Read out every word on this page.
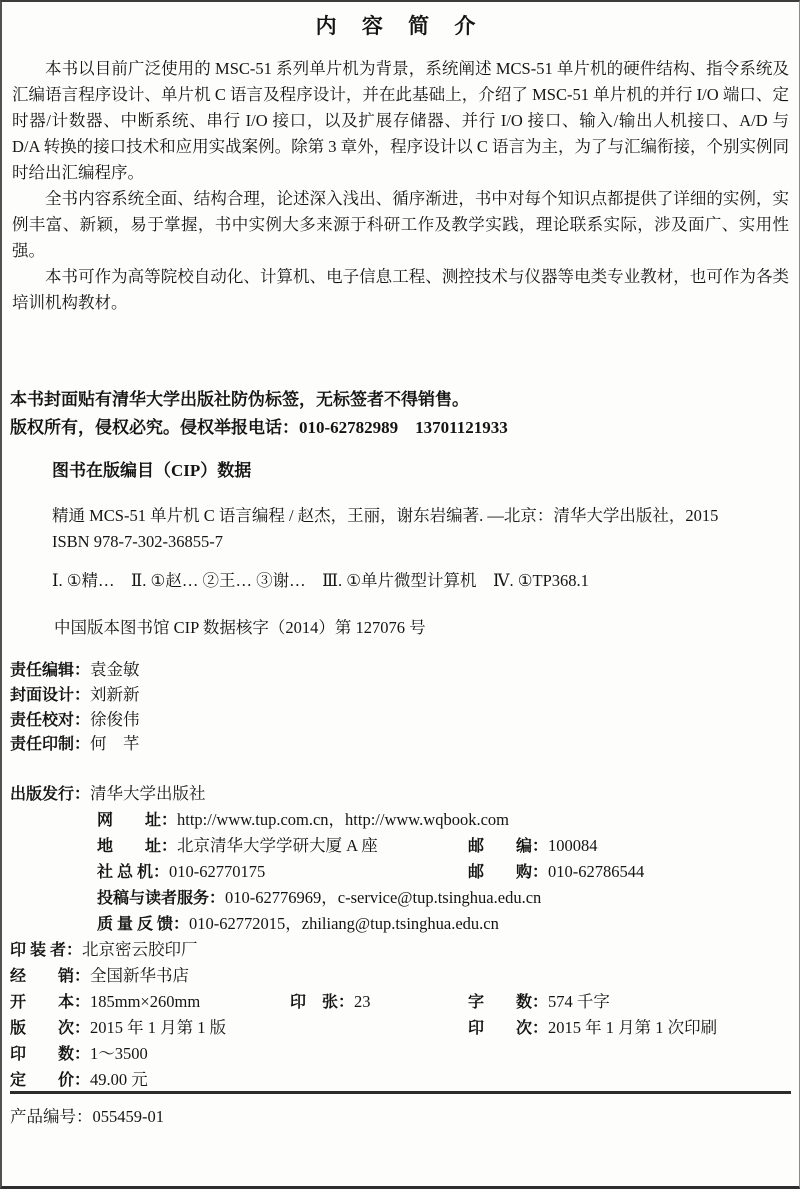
内 容 简 介

本书以目前广泛使用的 MSC-51 系列单片机为背景，系统阐述 MCS-51 单片机的硬件结构、指令系统及汇编语言程序设计、单片机 C 语言及程序设计，并在此基础上，介绍了 MSC-51 单片机的并行 I/O 端口、定时器/计数器、中断系统、串行 I/O 接口，以及扩展存储器、并行 I/O 接口、输入/输出人机接口、A/D 与 D/A 转换的接口技术和应用实战案例。除第 3 章外，程序设计以 C 语言为主，为了与汇编衔接，个别实例同时给出汇编程序。

全书内容系统全面、结构合理，论述深入浅出、循序渐进，书中对每个知识点都提供了详细的实例，实例丰富、新颖，易于掌握，书中实例大多来源于科研工作及教学实践，理论联系实际，涉及面广、实用性强。

本书可作为高等院校自动化、计算机、电子信息工程、测控技术与仪器等电类专业教材，也可作为各类培训机构教材。

本书封面贴有清华大学出版社防伪标签，无标签者不得销售。
版权所有，侵权必究。侵权举报电话：010-62782989　13701121933
图书在版编目（CIP）数据
精通 MCS-51 单片机 C 语言编程 / 赵杰，王丽，谢东岩编著. —北京：清华大学出版社，2015
ISBN 978-7-302-36855-7
Ⅰ. ①精…　Ⅱ. ①赵… ②王… ③谢…　Ⅲ. ①单片微型计算机　Ⅳ. ①TP368.1
中国版本图书馆 CIP 数据核字（2014）第 127076 号
责任编辑：袁金敏
封面设计：刘新新
责任校对：徐俊伟
责任印制：何　芊
出版发行：清华大学出版社
网　　址：http://www.tup.com.cn，http://www.wqbook.com
地　　址：北京清华大学学研大厦 A 座	邮　　编：100084
社 总 机：010-62770175	邮　　购：010-62786544
投稿与读者服务：010-62776969，c-service@tup.tsinghua.edu.cn
质 量 反 馈：010-62772015，zhiliang@tup.tsinghua.edu.cn
印 装 者：北京密云胶印厂
经　　销：全国新华书店
开　　本：185mm×260mm	印　张：23	字　　数：574 千字
版　　次：2015 年 1 月第 1 版	印　　次：2015 年 1 月第 1 次印刷
印　　数：1～3500
定　　价：49.00 元
产品编号：055459-01
